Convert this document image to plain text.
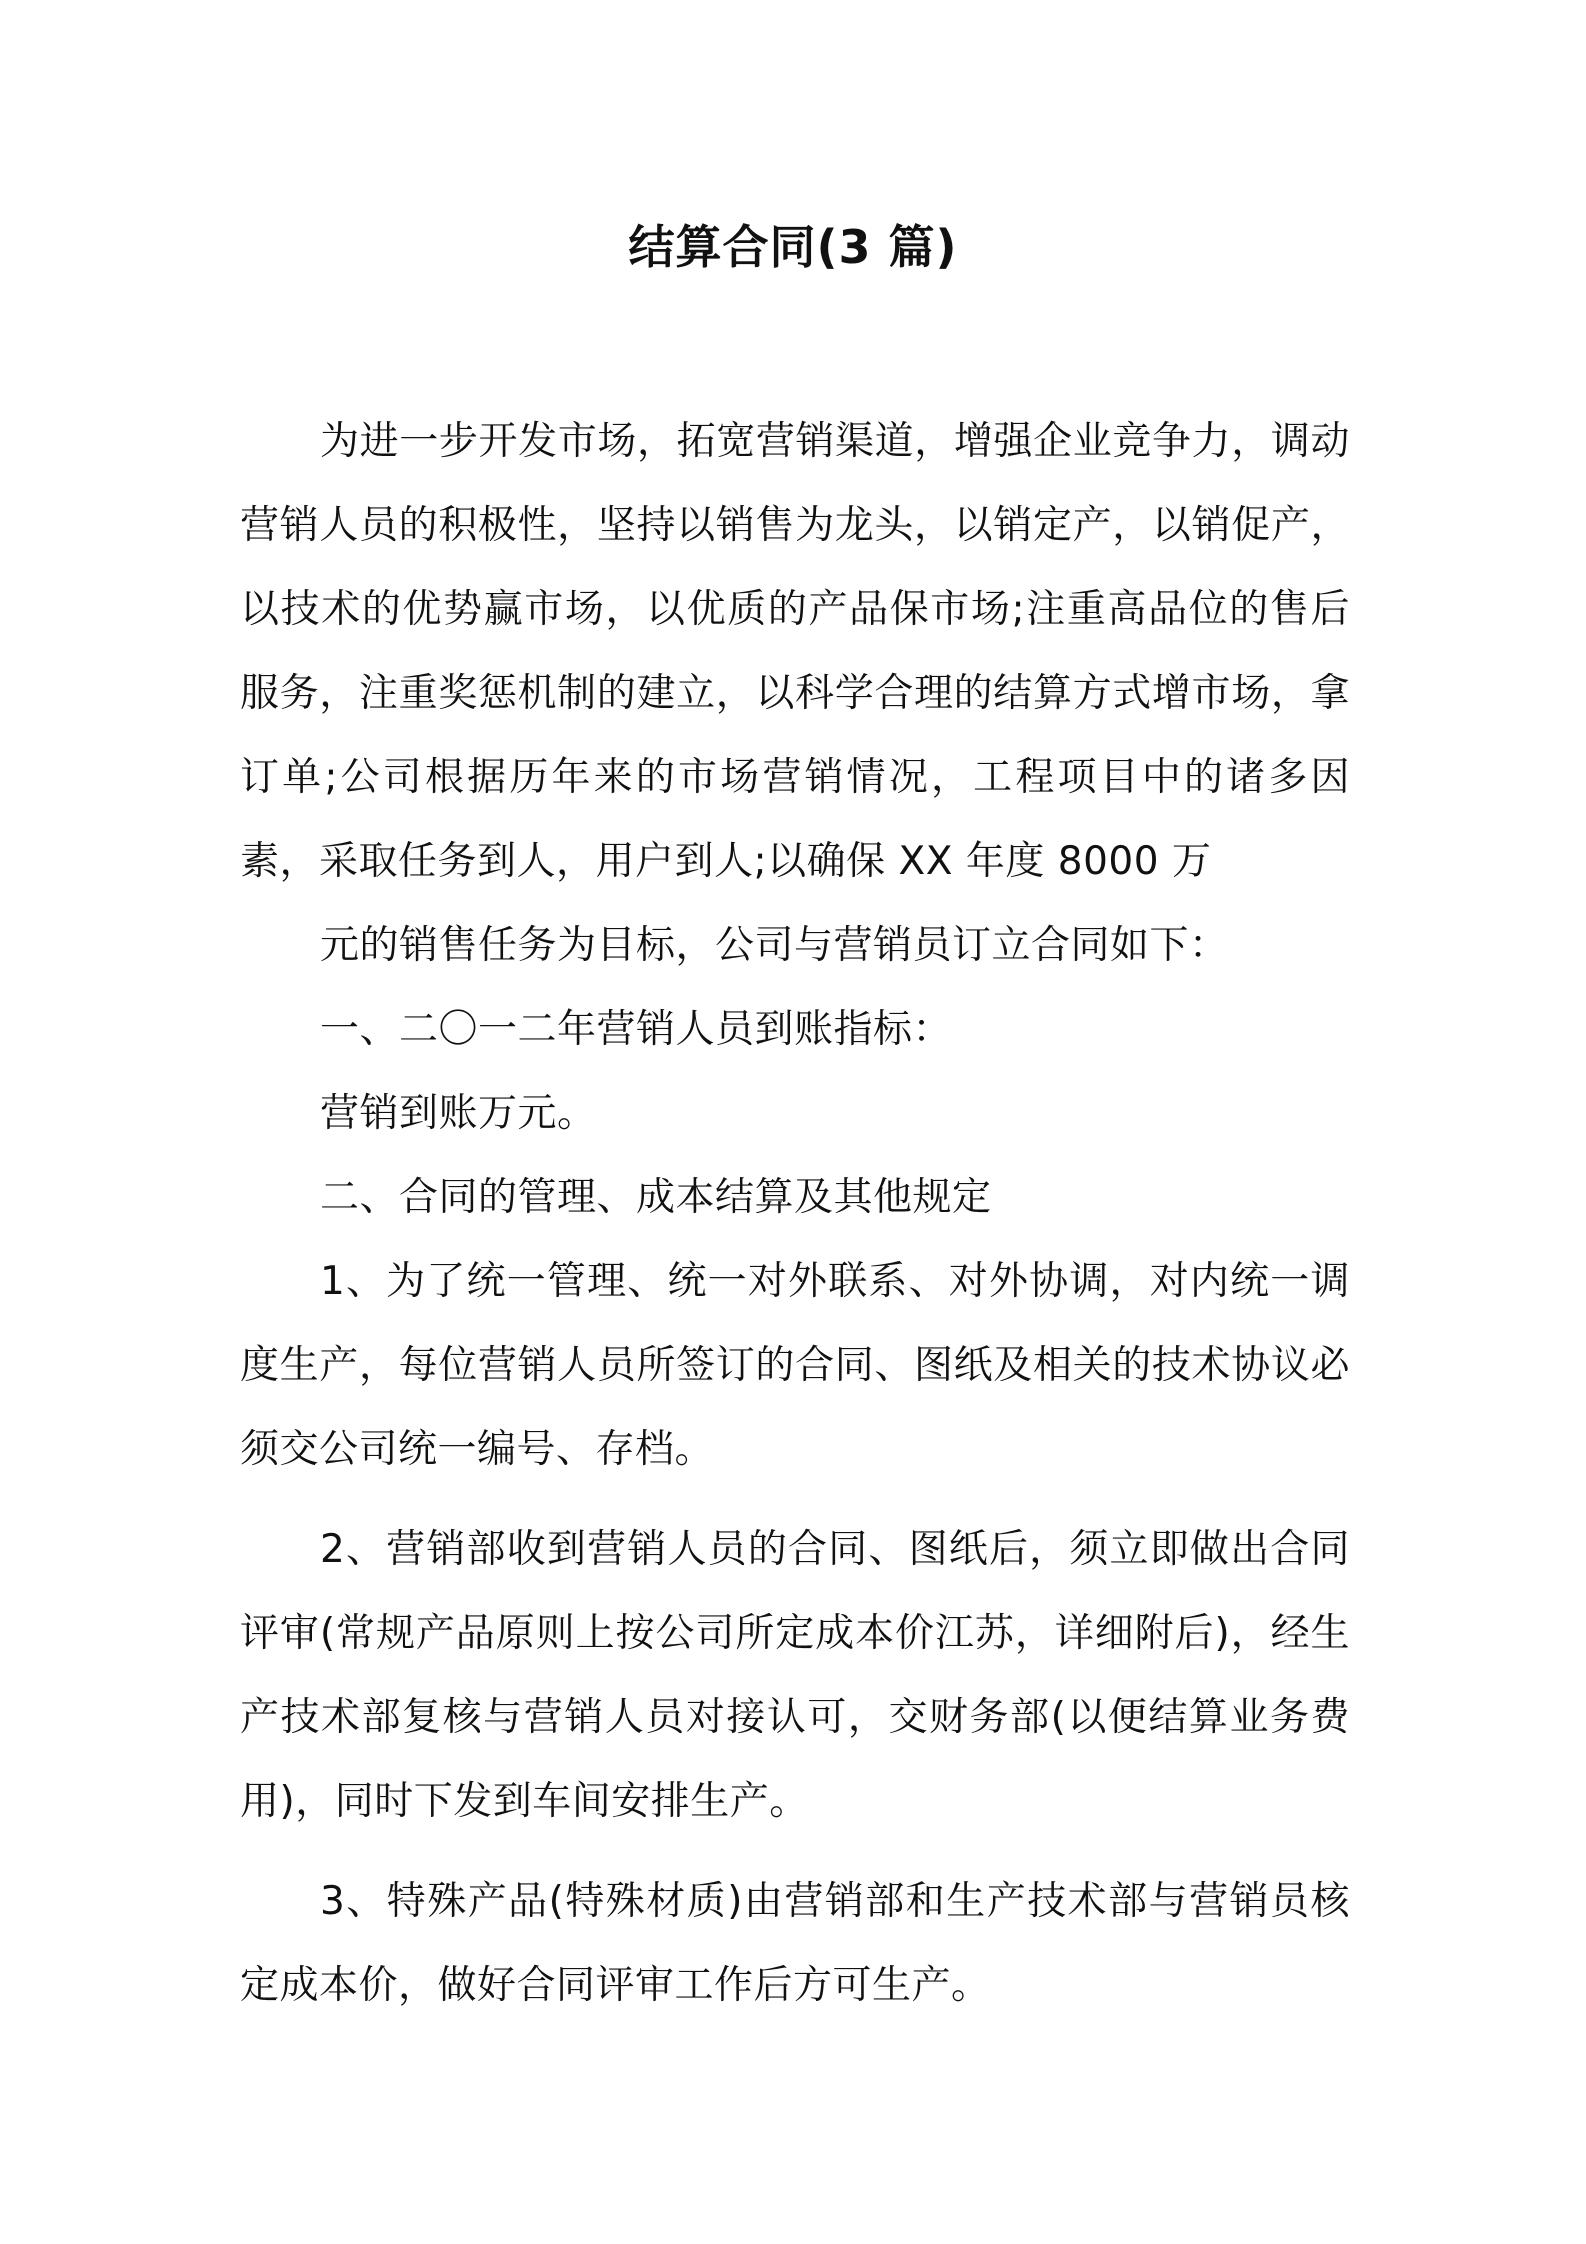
结算合同(3 篇)

为进一步开发市场，拓宽营销渠道，增强企业竞争力，调动营销人员的积极性，坚持以销售为龙头，以销定产，以销促产，以技术的优势赢市场，以优质的产品保市场;注重高品位的售后服务，注重奖惩机制的建立，以科学合理的结算方式增市场，拿订单;公司根据历年来的市场营销情况，工程项目中的诸多因素，采取任务到人，用户到人;以确保 XX 年度 8000 万

元的销售任务为目标，公司与营销员订立合同如下：

一、二〇一二年营销人员到账指标：

营销到账万元。

二、合同的管理、成本结算及其他规定

1、为了统一管理、统一对外联系、对外协调，对内统一调度生产，每位营销人员所签订的合同、图纸及相关的技术协议必须交公司统一编号、存档。

2、营销部收到营销人员的合同、图纸后，须立即做出合同评审(常规产品原则上按公司所定成本价江苏，详细附后)，经生产技术部复核与营销人员对接认可，交财务部(以便结算业务费用)，同时下发到车间安排生产。

3、特殊产品(特殊材质)由营销部和生产技术部与营销员核定成本价，做好合同评审工作后方可生产。
